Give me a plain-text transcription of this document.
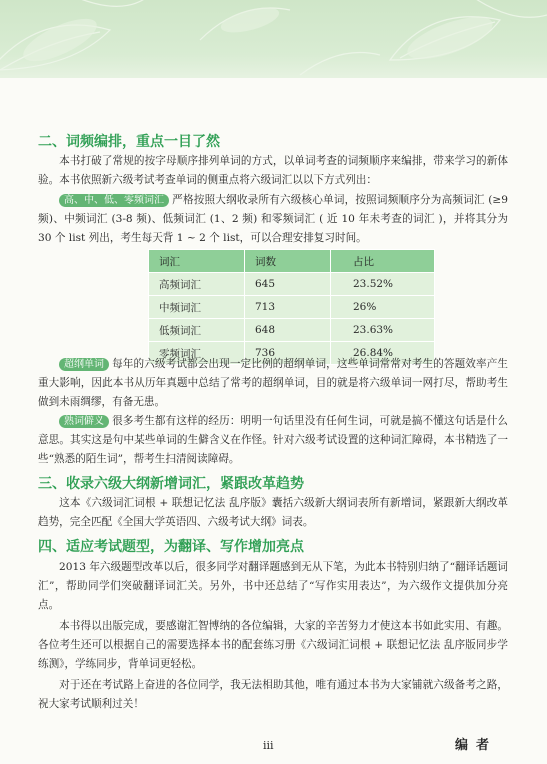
二、词频编排，重点一目了然
本书打破了常规的按字母顺序排列单词的方式，以单词考查的词频顺序来编排，带来学习的新体验。本书依照新六级考试考查单词的侧重点将六级词汇以以下方式列出：
高、中、低、零频词汇 严格按照大纲收录所有六级核心单词，按照词频顺序分为高频词汇 (≥9 频)、中频词汇 (3-8 频)、低频词汇 (1、2 频) 和零频词汇 ( 近 10 年未考查的词汇 )，并将其分为 30 个 list 列出，考生每天背 1 ~ 2 个 list，可以合理安排复习时间。
词汇	词数	占比
高频词汇	645	23.52%
中频词汇	713	26%
低频词汇	648	23.63%
零频词汇	736	26.84%
超纲单词 每年的六级考试都会出现一定比例的超纲单词，这些单词常常对考生的答题效率产生重大影响，因此本书从历年真题中总结了常考的超纲单词，目的就是将六级单词一网打尽，帮助考生做到未雨绸缪，有备无患。
熟词僻义 很多考生都有这样的经历：明明一句话里没有任何生词，可就是搞不懂这句话是什么意思。其实这是句中某些单词的生僻含义在作怪。针对六级考试设置的这种词汇障碍，本书精选了一些“熟悉的陌生词”，帮考生扫清阅读障碍。
三、收录六级大纲新增词汇，紧跟改革趋势
这本《六级词汇词根 + 联想记忆法 乱序版》囊括六级新大纲词表所有新增词，紧跟新大纲改革趋势，完全匹配《全国大学英语四、六级考试大纲》词表。
四、适应考试题型，为翻译、写作增加亮点
2013 年六级题型改革以后，很多同学对翻译题感到无从下笔，为此本书特别归纳了“翻译话题词汇”，帮助同学们突破翻译词汇关。另外，书中还总结了“写作实用表达”，为六级作文提供加分亮点。
本书得以出版完成，要感谢汇智博纳的各位编辑，大家的辛苦努力才使这本书如此实用、有趣。各位考生还可以根据自己的需要选择本书的配套练习册《六级词汇词根 + 联想记忆法 乱序版同步学练测》，学练同步，背单词更轻松。
对于还在考试路上奋进的各位同学，我无法相助其他，唯有通过本书为大家铺就六级备考之路，祝大家考试顺利过关！
iii	编者
